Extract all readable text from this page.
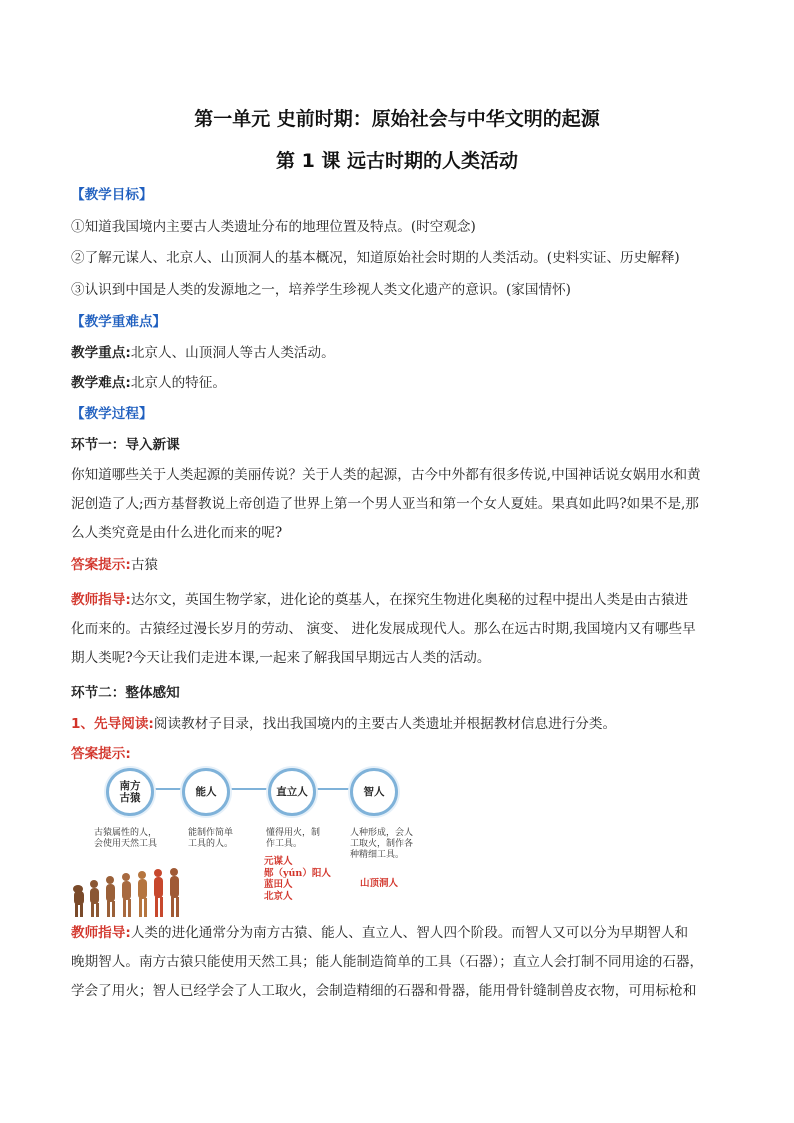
第一单元 史前时期：原始社会与中华文明的起源
第 1 课 远古时期的人类活动
【教学目标】
①知道我国境内主要古人类遗址分布的地理位置及特点。(时空观念)
②了解元谋人、北京人、山顶洞人的基本概况，知道原始社会时期的人类活动。(史料实证、历史解释)
③认识到中国是人类的发源地之一，培养学生珍视人类文化遗产的意识。(家国情怀)
【教学重难点】
教学重点:北京人、山顶洞人等古人类活动。
教学难点:北京人的特征。
【教学过程】
环节一：导入新课
你知道哪些关于人类起源的美丽传说？关于人类的起源，古今中外都有很多传说,中国神话说女娲用水和黄
泥创造了人;西方基督教说上帝创造了世界上第一个男人亚当和第一个女人夏娃。果真如此吗?如果不是,那
么人类究竟是由什么进化而来的呢?
答案提示:古猿
教师指导:达尔文，英国生物学家，进化论的奠基人，在探究生物进化奥秘的过程中提出人类是由古猿进
化而来的。古猿经过漫长岁月的劳动、 演变、 进化发展成现代人。那么在远古时期,我国境内又有哪些早
期人类呢?今天让我们走进本课,一起来了解我国早期远古人类的活动。
环节二：整体感知
1、先导阅读:阅读教材子目录，找出我国境内的主要古人类遗址并根据教材信息进行分类。
答案提示:
南方
古猿	能人	直立人	智人
古猿属性的人，
会使用天然工具
能制作简单
工具的人。
懂得用火，制
作工具。
人种形成，会人
工取火，制作各
种精细工具。
元谋人
郧（yún）阳人
蓝田人
北京人
山顶洞人
教师指导:人类的进化通常分为南方古猿、能人、直立人、智人四个阶段。而智人又可以分为早期智人和
晚期智人。南方古猿只能使用天然工具；能人能制造简单的工具（石器）；直立人会打制不同用途的石器，
学会了用火；智人已经学会了人工取火，会制造精细的石器和骨器，能用骨针缝制兽皮衣物，可用标枪和
